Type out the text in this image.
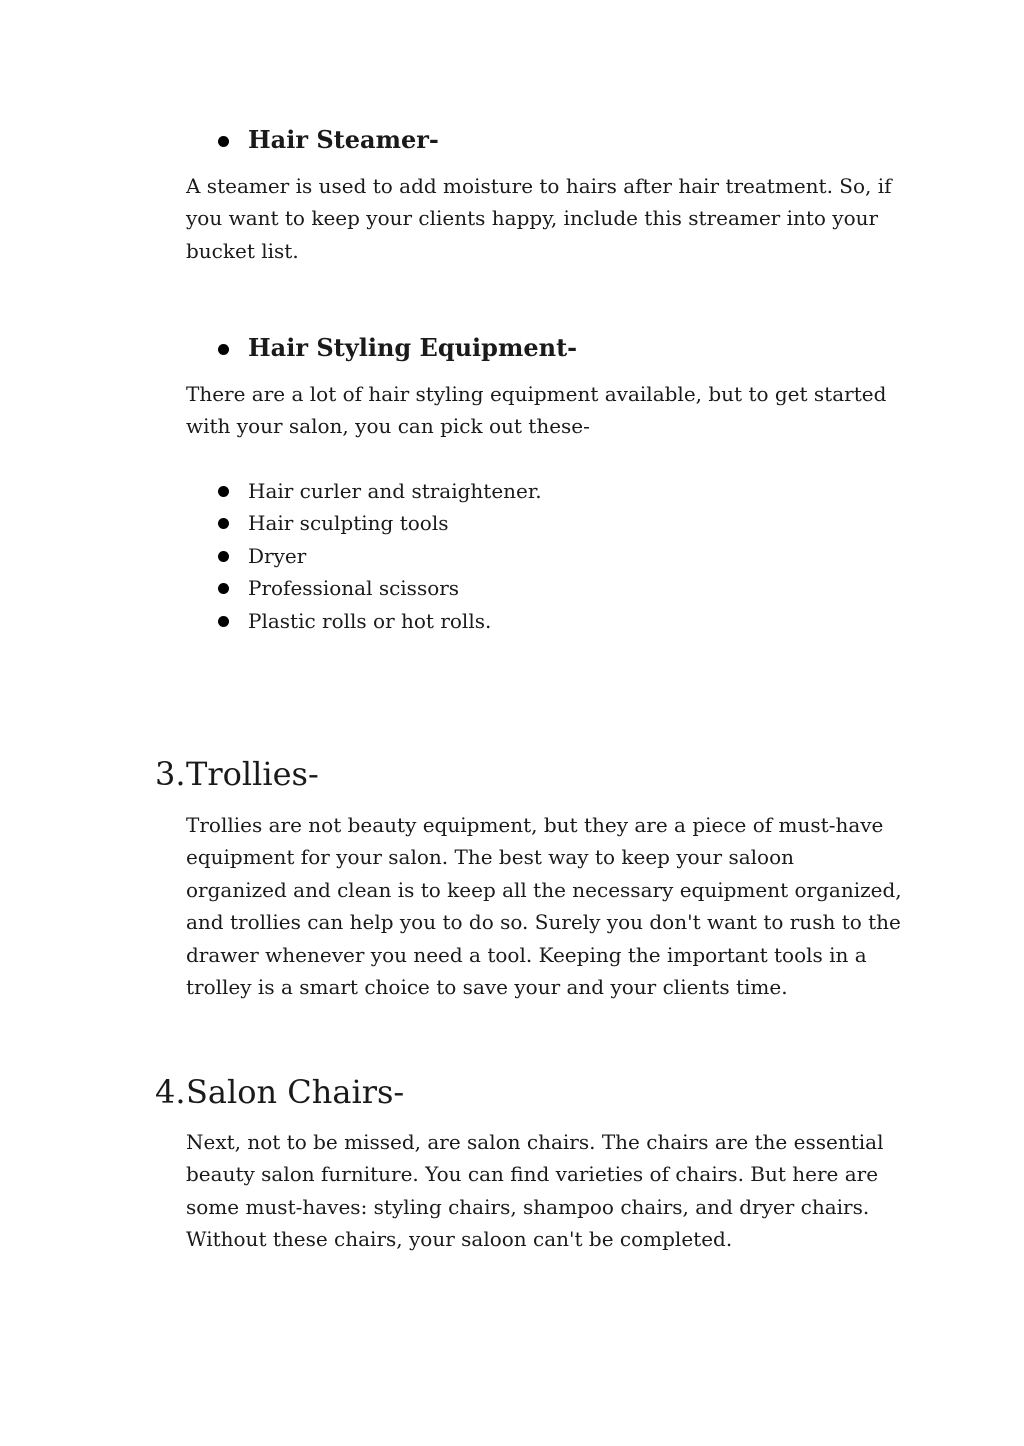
Hair Steamer-

A steamer is used to add moisture to hairs after hair treatment. So, if
you want to keep your clients happy, include this streamer into your
bucket list.

Hair Styling Equipment-

There are a lot of hair styling equipment available, but to get started
with your salon, you can pick out these-

Hair curler and straightener.

Hair sculpting tools

Dryer

Professional scissors

Plastic rolls or hot rolls.

3. Trollies-

Trollies are not beauty equipment, but they are a piece of must-have
equipment for your salon. The best way to keep your saloon
organized and clean is to keep all the necessary equipment organized,
and trollies can help you to do so. Surely you don't want to rush to the
drawer whenever you need a tool. Keeping the important tools in a
trolley is a smart choice to save your and your clients time.

4. Salon Chairs-

Next, not to be missed, are salon chairs. The chairs are the essential
beauty salon furniture. You can find varieties of chairs. But here are
some must-haves: styling chairs, shampoo chairs, and dryer chairs.
Without these chairs, your saloon can't be completed.
